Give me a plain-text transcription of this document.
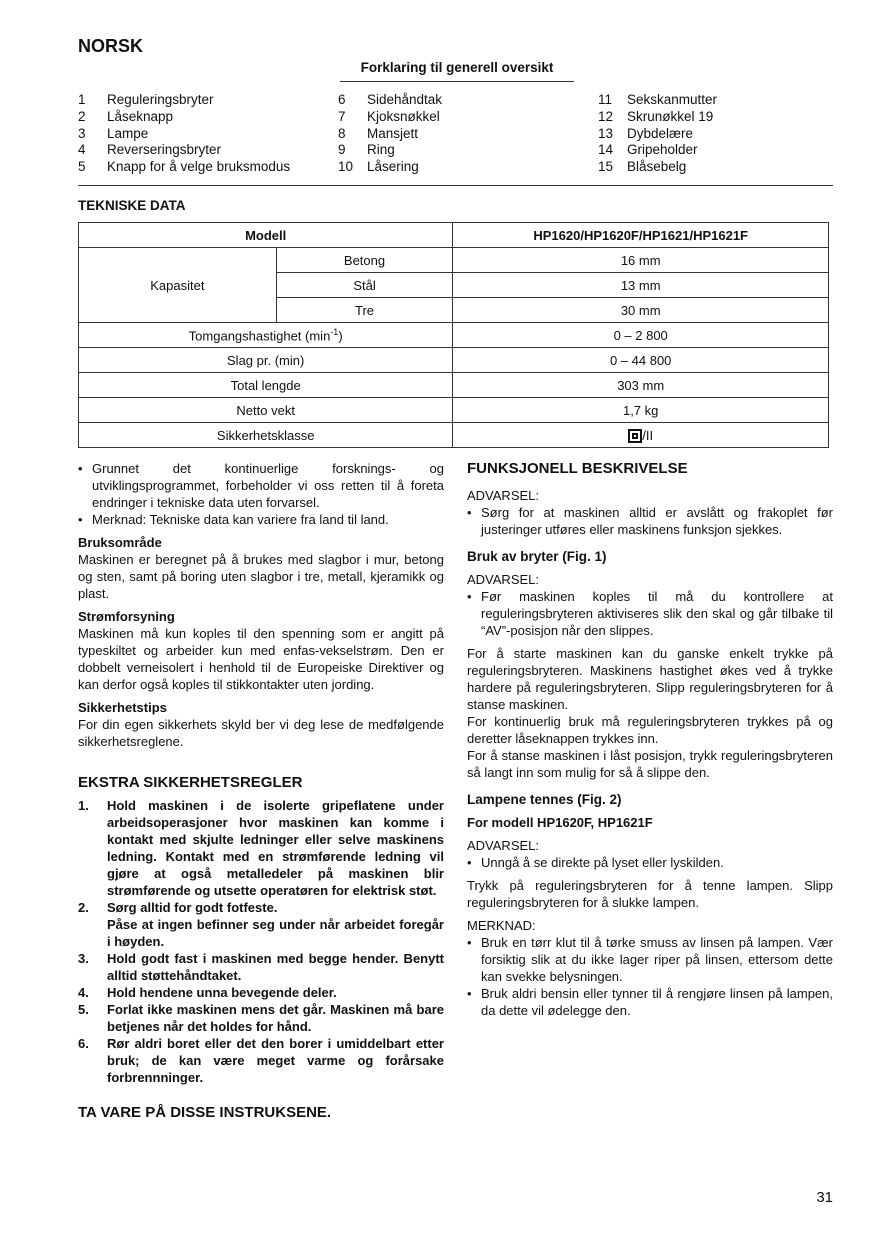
NORSK
Forklaring til generell oversikt
1	Reguleringsbryter
2	Låseknapp
3	Lampe
4	Reverseringsbryter
5	Knapp for å velge bruksmodus
6	Sidehåndtak
7	Kjoksnøkkel
8	Mansjett
9	Ring
10	Låsering
11	Sekskanmutter
12	Skrunøkkel 19
13	Dybdelære
14	Gripeholder
15	Blåsebelg
TEKNISKE DATA
Modell		HP1620/HP1620F/HP1621/HP1621F
Kapasitet	Betong	16 mm
	Stål	13 mm
	Tre	30 mm
Tomgangshastighet $(\min^{-1})$		0 – 2 800
Slag pr. (min)		0 – 44 800
Total lengde		303 mm
Netto vekt		1,7 kg
Sikkerhetsklasse		/II
• Grunnet det kontinuerlige forsknings- og utviklingsprogrammet, forbeholder vi oss retten til å foreta endringer i tekniske data uten forvarsel.
• Merknad: Tekniske data kan variere fra land til land.
Bruksområde

Maskinen er beregnet på å brukes med slagbor i mur, betong og sten, samt på boring uten slagbor i tre, metall, kjeramikk og plast.

Strømforsyning

Maskinen må kun koples til den spenning som er angitt på typeskiltet og arbeider kun med enfas-vekselstrøm. Den er dobbelt verneisolert i henhold til de Europeiske Direktiver og kan derfor også koples til stikkontakter uten jording.

Sikkerhetstips

For din egen sikkerhets skyld ber vi deg lese de medfølgende sikkerhetsreglene.

EKSTRA SIKKERHETSREGLER
1.	Hold maskinen i de isolerte gripeflatene under arbeidsoperasjoner hvor maskinen kan komme i kontakt med skjulte ledninger eller selve maskinens ledning. Kontakt med en strømførende ledning vil gjøre at også metalledeler på maskinen blir strømførende og utsette operatøren for elektrisk støt.
2.	Sørg alltid for godt fotfeste.
Påse at ingen befinner seg under når arbeidet foregår i høyden.
3.	Hold godt fast i maskinen med begge hender. Benytt alltid støttehåndtaket.
4.	Hold hendene unna bevegende deler.
5.	Forlat ikke maskinen mens det går. Maskinen må bare betjenes når det holdes for hånd.
6.	Rør aldri boret eller det den borer i umiddelbart etter bruk; de kan være meget varme og forårsake forbrennninger.
TA VARE PÅ DISSE INSTRUKSENE.
FUNKSJONELL BESKRIVELSE
ADVARSEL:
• Sørg for at maskinen alltid er avslått og frakoplet før justeringer utføres eller maskinens funksjon sjekkes.
Bruk av bryter (Fig. 1)
ADVARSEL:
• Før maskinen koples til må du kontrollere at reguleringsbryteren aktiviseres slik den skal og går tilbake til “AV”-posisjon når den slippes.

For å starte maskinen kan du ganske enkelt trykke på reguleringsbryteren. Maskinens hastighet økes ved å trykke hardere på reguleringsbryteren. Slipp reguleringsbryteren for å stanse maskinen.

For kontinuerlig bruk må reguleringsbryteren trykkes på og deretter låseknappen trykkes inn.

For å stanse maskinen i låst posisjon, trykk reguleringsbryteren så langt inn som mulig for så å slippe den.

Lampene tennes (Fig. 2)
For modell HP1620F, HP1621F
ADVARSEL:
• Unngå å se direkte på lyset eller lyskilden.

Trykk på reguleringsbryteren for å tenne lampen. Slipp reguleringsbryteren for å slukke lampen.

MERKNAD:
• Bruk en tørr klut til å tørke smuss av linsen på lampen. Vær forsiktig slik at du ikke lager riper på linsen, ettersom dette kan svekke belysningen.
• Bruk aldri bensin eller tynner til å rengjøre linsen på lampen, da dette vil ødelegge den.
31
